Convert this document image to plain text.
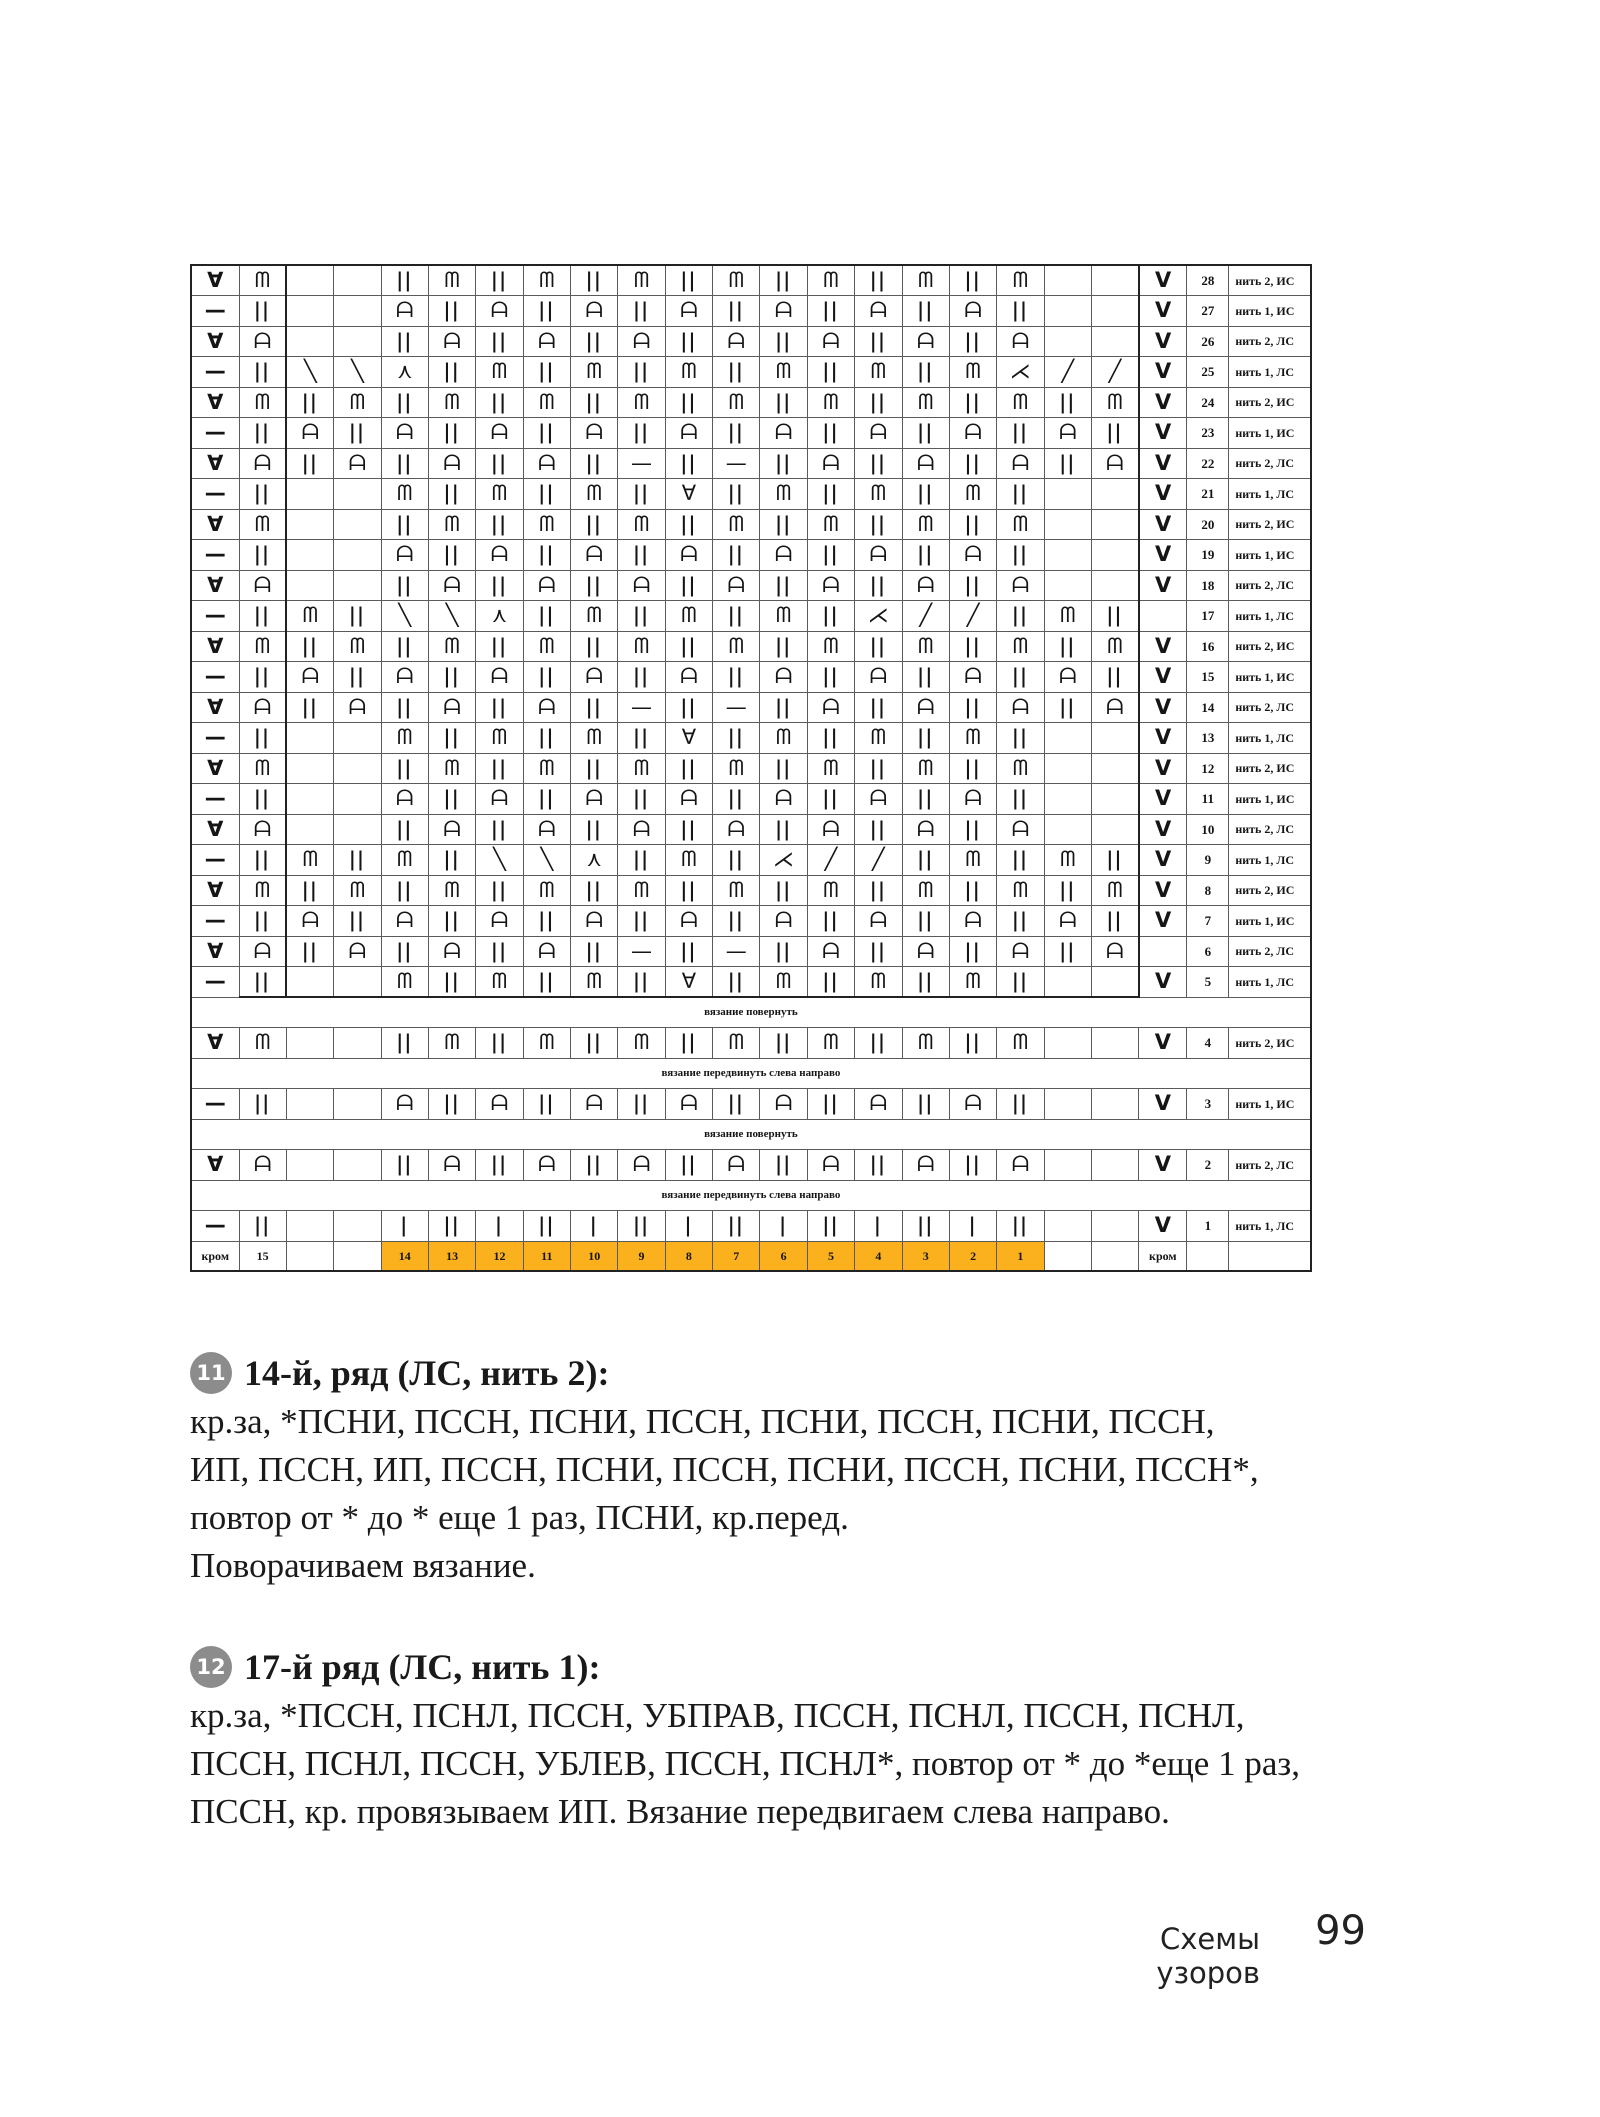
∀	ᗰ			ǀǀ	ᗰ	ǀǀ	ᗰ	ǀǀ	ᗰ	ǀǀ	ᗰ	ǀǀ	ᗰ	ǀǀ	ᗰ	ǀǀ	ᗰ			V	28	нить 2, ИС
—	ǀǀ			ᗩ	ǀǀ	ᗩ	ǀǀ	ᗩ	ǀǀ	ᗩ	ǀǀ	ᗩ	ǀǀ	ᗩ	ǀǀ	ᗩ	ǀǀ			V	27	нить 1, ИС
∀	ᗩ			ǀǀ	ᗩ	ǀǀ	ᗩ	ǀǀ	ᗩ	ǀǀ	ᗩ	ǀǀ	ᗩ	ǀǀ	ᗩ	ǀǀ	ᗩ			V	26	нить 2, ЛС
—	ǀǀ	╲	╲	⋏	ǀǀ	ᗰ	ǀǀ	ᗰ	ǀǀ	ᗰ	ǀǀ	ᗰ	ǀǀ	ᗰ	ǀǀ	ᗰ	⋌	╱	╱	V	25	нить 1, ЛС
∀	ᗰ	ǀǀ	ᗰ	ǀǀ	ᗰ	ǀǀ	ᗰ	ǀǀ	ᗰ	ǀǀ	ᗰ	ǀǀ	ᗰ	ǀǀ	ᗰ	ǀǀ	ᗰ	ǀǀ	ᗰ	V	24	нить 2, ИС
—	ǀǀ	ᗩ	ǀǀ	ᗩ	ǀǀ	ᗩ	ǀǀ	ᗩ	ǀǀ	ᗩ	ǀǀ	ᗩ	ǀǀ	ᗩ	ǀǀ	ᗩ	ǀǀ	ᗩ	ǀǀ	V	23	нить 1, ИС
∀	ᗩ	ǀǀ	ᗩ	ǀǀ	ᗩ	ǀǀ	ᗩ	ǀǀ	—	ǀǀ	—	ǀǀ	ᗩ	ǀǀ	ᗩ	ǀǀ	ᗩ	ǀǀ	ᗩ	V	22	нить 2, ЛС
—	ǀǀ			ᗰ	ǀǀ	ᗰ	ǀǀ	ᗰ	ǀǀ	∀	ǀǀ	ᗰ	ǀǀ	ᗰ	ǀǀ	ᗰ	ǀǀ			V	21	нить 1, ЛС
∀	ᗰ			ǀǀ	ᗰ	ǀǀ	ᗰ	ǀǀ	ᗰ	ǀǀ	ᗰ	ǀǀ	ᗰ	ǀǀ	ᗰ	ǀǀ	ᗰ			V	20	нить 2, ИС
—	ǀǀ			ᗩ	ǀǀ	ᗩ	ǀǀ	ᗩ	ǀǀ	ᗩ	ǀǀ	ᗩ	ǀǀ	ᗩ	ǀǀ	ᗩ	ǀǀ			V	19	нить 1, ИС
∀	ᗩ			ǀǀ	ᗩ	ǀǀ	ᗩ	ǀǀ	ᗩ	ǀǀ	ᗩ	ǀǀ	ᗩ	ǀǀ	ᗩ	ǀǀ	ᗩ			V	18	нить 2, ЛС
—	ǀǀ	ᗰ	ǀǀ	╲	╲	⋏	ǀǀ	ᗰ	ǀǀ	ᗰ	ǀǀ	ᗰ	ǀǀ	⋌	╱	╱	ǀǀ	ᗰ	ǀǀ		17	нить 1, ЛС
∀	ᗰ	ǀǀ	ᗰ	ǀǀ	ᗰ	ǀǀ	ᗰ	ǀǀ	ᗰ	ǀǀ	ᗰ	ǀǀ	ᗰ	ǀǀ	ᗰ	ǀǀ	ᗰ	ǀǀ	ᗰ	V	16	нить 2, ИС
—	ǀǀ	ᗩ	ǀǀ	ᗩ	ǀǀ	ᗩ	ǀǀ	ᗩ	ǀǀ	ᗩ	ǀǀ	ᗩ	ǀǀ	ᗩ	ǀǀ	ᗩ	ǀǀ	ᗩ	ǀǀ	V	15	нить 1, ИС
∀	ᗩ	ǀǀ	ᗩ	ǀǀ	ᗩ	ǀǀ	ᗩ	ǀǀ	—	ǀǀ	—	ǀǀ	ᗩ	ǀǀ	ᗩ	ǀǀ	ᗩ	ǀǀ	ᗩ	V	14	нить 2, ЛС
—	ǀǀ			ᗰ	ǀǀ	ᗰ	ǀǀ	ᗰ	ǀǀ	∀	ǀǀ	ᗰ	ǀǀ	ᗰ	ǀǀ	ᗰ	ǀǀ			V	13	нить 1, ЛС
∀	ᗰ			ǀǀ	ᗰ	ǀǀ	ᗰ	ǀǀ	ᗰ	ǀǀ	ᗰ	ǀǀ	ᗰ	ǀǀ	ᗰ	ǀǀ	ᗰ			V	12	нить 2, ИС
—	ǀǀ			ᗩ	ǀǀ	ᗩ	ǀǀ	ᗩ	ǀǀ	ᗩ	ǀǀ	ᗩ	ǀǀ	ᗩ	ǀǀ	ᗩ	ǀǀ			V	11	нить 1, ИС
∀	ᗩ			ǀǀ	ᗩ	ǀǀ	ᗩ	ǀǀ	ᗩ	ǀǀ	ᗩ	ǀǀ	ᗩ	ǀǀ	ᗩ	ǀǀ	ᗩ			V	10	нить 2, ЛС
—	ǀǀ	ᗰ	ǀǀ	ᗰ	ǀǀ	╲	╲	⋏	ǀǀ	ᗰ	ǀǀ	⋌	╱	╱	ǀǀ	ᗰ	ǀǀ	ᗰ	ǀǀ	V	9	нить 1, ЛС
∀	ᗰ	ǀǀ	ᗰ	ǀǀ	ᗰ	ǀǀ	ᗰ	ǀǀ	ᗰ	ǀǀ	ᗰ	ǀǀ	ᗰ	ǀǀ	ᗰ	ǀǀ	ᗰ	ǀǀ	ᗰ	V	8	нить 2, ИС
—	ǀǀ	ᗩ	ǀǀ	ᗩ	ǀǀ	ᗩ	ǀǀ	ᗩ	ǀǀ	ᗩ	ǀǀ	ᗩ	ǀǀ	ᗩ	ǀǀ	ᗩ	ǀǀ	ᗩ	ǀǀ	V	7	нить 1, ИС
∀	ᗩ	ǀǀ	ᗩ	ǀǀ	ᗩ	ǀǀ	ᗩ	ǀǀ	—	ǀǀ	—	ǀǀ	ᗩ	ǀǀ	ᗩ	ǀǀ	ᗩ	ǀǀ	ᗩ		6	нить 2, ЛС
—	ǀǀ			ᗰ	ǀǀ	ᗰ	ǀǀ	ᗰ	ǀǀ	∀	ǀǀ	ᗰ	ǀǀ	ᗰ	ǀǀ	ᗰ	ǀǀ			V	5	нить 1, ЛС
вязание повернуть																						
∀	ᗰ			ǀǀ	ᗰ	ǀǀ	ᗰ	ǀǀ	ᗰ	ǀǀ	ᗰ	ǀǀ	ᗰ	ǀǀ	ᗰ	ǀǀ	ᗰ			V	4	нить 2, ИС
вязание передвинуть слева направо																						
—	ǀǀ			ᗩ	ǀǀ	ᗩ	ǀǀ	ᗩ	ǀǀ	ᗩ	ǀǀ	ᗩ	ǀǀ	ᗩ	ǀǀ	ᗩ	ǀǀ			V	3	нить 1, ИС
вязание повернуть																						
∀	ᗩ			ǀǀ	ᗩ	ǀǀ	ᗩ	ǀǀ	ᗩ	ǀǀ	ᗩ	ǀǀ	ᗩ	ǀǀ	ᗩ	ǀǀ	ᗩ			V	2	нить 2, ЛС
вязание передвинуть слева направо																						
—	ǀǀ			ǀ	ǀǀ	ǀ	ǀǀ	ǀ	ǀǀ	ǀ	ǀǀ	ǀ	ǀǀ	ǀ	ǀǀ	ǀ	ǀǀ			V	1	нить 1, ЛС
кром	15			14	13	12	11	10	9	8	7	6	5	4	3	2	1			кром		
11 14-й, ряд (ЛС, нить 2):
кр.за, *ПСНИ, ПССН, ПСНИ, ПССН, ПСНИ, ПССН, ПСНИ, ПССН,
ИП, ПССН, ИП, ПССН, ПСНИ, ПССН, ПСНИ, ПССН, ПСНИ, ПССН*,
повтор от * до * еще 1 раз, ПСНИ, кр.перед.
Поворачиваем вязание.
12 17-й ряд (ЛС, нить 1):
кр.за, *ПССН, ПСНЛ, ПССН, УБПРАВ, ПССН, ПСНЛ, ПССН, ПСНЛ,
ПССН, ПСНЛ, ПССН, УБЛЕВ, ПССН, ПСНЛ*, повтор от * до *еще 1 раз,
ПССН, кр. провязываем ИП. Вязание передвигаем слева направо.
Схемы узоров
99
